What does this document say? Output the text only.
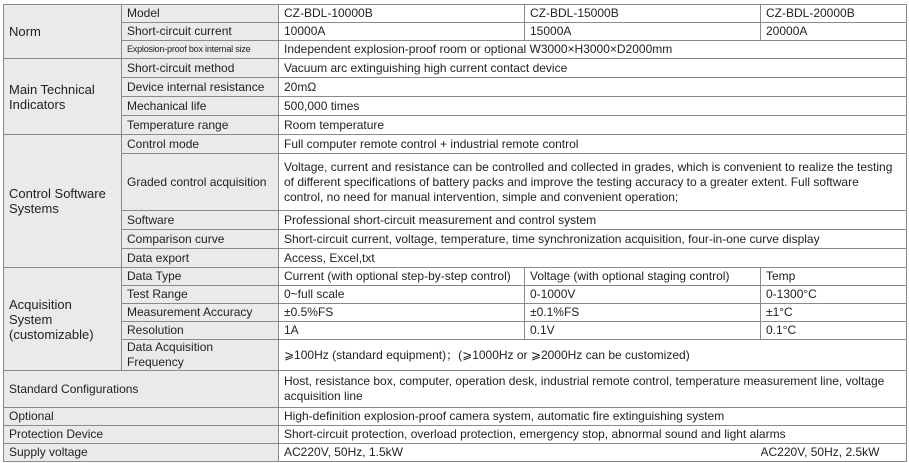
Norm	Model	CZ-BDL-10000B	CZ-BDL-15000B	CZ-BDL-20000B
	Short-circuit current	10000A	15000A	20000A
	Explosion-proof box internal size	Independent explosion-proof room or optional W3000×H3000×D2000mm		
Main Technical Indicators	Short-circuit method	Vacuum arc extinguishing high current contact device		
	Device internal resistance	20mΩ		
	Mechanical life	500,000 times		
	Temperature range	Room temperature		
Control Software Systems	Control mode	Full computer remote control + industrial remote control		
	Graded control acquisition	Voltage, current and resistance can be controlled and collected in grades, which is convenient to realize the testing of different specifications of battery packs and improve the testing accuracy to a greater extent. Full software control, no need for manual intervention, simple and convenient operation;		
	Software	Professional short-circuit measurement and control system		
	Comparison curve	Short-circuit current, voltage, temperature, time synchronization acquisition, four-in-one curve display		
	Data export	Access, Excel,txt		
Acquisition System (customizable)	Data Type	Current (with optional step-by-step control)	Voltage (with optional staging control)	Temp
	Test Range	0~full scale	0-1000V	0-1300°C
	Measurement Accuracy	±0.5%FS	±0.1%FS	±1°C
	Resolution	1A	0.1V	0.1°C
	Data Acquisition Frequency	⩾100Hz (standard equipment)；(⩾1000Hz or ⩾2000Hz can be customized)		
Standard Configurations		Host, resistance box, computer, operation desk, industrial remote control, temperature measurement line, voltage acquisition line		
Optional		High-definition explosion-proof camera system, automatic fire extinguishing system		
Protection Device		Short-circuit protection, overload protection, emergency stop, abnormal sound and light alarms		
Supply voltage		AC220V, 50Hz, 1.5kW		AC220V, 50Hz, 2.5kW
